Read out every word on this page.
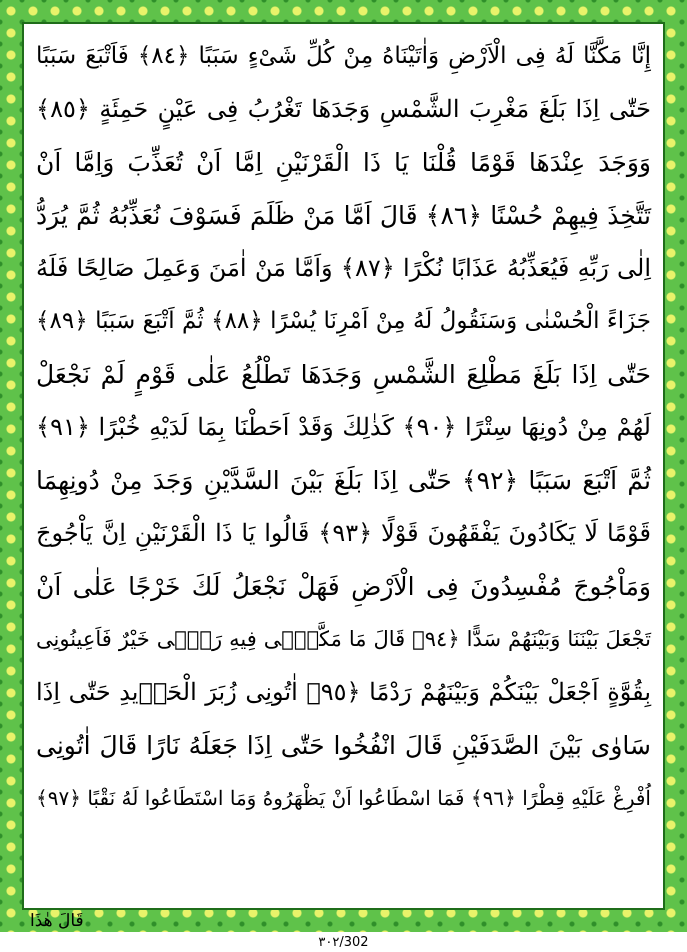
إِنَّا مَكَّنَّا لَهُ فِى الْاَرْضِ وَاٰتَيْنَاهُ مِنْ كُلِّ شَىْءٍ سَبَبًا ﴿٨٤﴾ فَاَتْبَعَ سَبَبًا
حَتّٰى اِذَا بَلَغَ مَغْرِبَ الشَّمْسِ وَجَدَهَا تَغْرُبُ فِى عَيْنٍ حَمِئَةٍ ﴿٨٥﴾
وَوَجَدَ عِنْدَهَا قَوْمًا قُلْنَا يَا ذَا الْقَرْنَيْنِ اِمَّا اَنْ تُعَذِّبَ وَاِمَّا اَنْ
تَتَّخِذَ فِيهِمْ حُسْنًا ﴿٨٦﴾ قَالَ اَمَّا مَنْ ظَلَمَ فَسَوْفَ نُعَذِّبُهُ ثُمَّ يُرَدُّ
اِلٰى رَبِّهِ فَيُعَذِّبُهُ عَذَابًا نُكْرًا ﴿٨٧﴾ وَاَمَّا مَنْ اٰمَنَ وَعَمِلَ صَالِحًا فَلَهُ
جَزَاءً الْحُسْنٰى وَسَنَقُولُ لَهُ مِنْ اَمْرِنَا يُسْرًا ﴿٨٨﴾ ثُمَّ اَتْبَعَ سَبَبًا ﴿٨٩﴾
حَتّٰى اِذَا بَلَغَ مَطْلِعَ الشَّمْسِ وَجَدَهَا تَطْلُعُ عَلٰى قَوْمٍ لَمْ نَجْعَلْ
لَهُمْ مِنْ دُونِهَا سِتْرًا ﴿٩٠﴾ كَذٰلِكَ وَقَدْ اَحَطْنَا بِمَا لَدَيْهِ خُبْرًا ﴿٩١﴾
ثُمَّ اَتْبَعَ سَبَبًا ﴿٩٢﴾ حَتّٰى اِذَا بَلَغَ بَيْنَ السَّدَّيْنِ وَجَدَ مِنْ دُونِهِمَا
قَوْمًا لَا يَكَادُونَ يَفْقَهُونَ قَوْلًا ﴿٩٣﴾ قَالُوا يَا ذَا الْقَرْنَيْنِ اِنَّ يَاْجُوجَ
وَمَاْجُوجَ مُفْسِدُونَ فِى الْاَرْضِ فَهَلْ نَجْعَلُ لَكَ خَرْجًا عَلٰى اَنْ
تَجْعَلَ بَيْنَنَا وَبَيْنَهُمْ سَدًّا ﴿٩٤﴾ قَالَ مَا مَكَّنّ۪ى فِيهِ رَبّ۪ى خَيْرٌ فَاَعِينُونِى
بِقُوَّةٍ اَجْعَلْ بَيْنَكُمْ وَبَيْنَهُمْ رَدْمًا ﴿٩٥﴾ اٰتُونِى زُبَرَ الْحَد۪يدِ حَتّٰى اِذَا
سَاوٰى بَيْنَ الصَّدَفَيْنِ قَالَ انْفُخُوا حَتّٰى اِذَا جَعَلَهُ نَارًا قَالَ اٰتُونِى
اُفْرِغْ عَلَيْهِ قِطْرًا ﴿٩٦﴾ فَمَا اسْطَاعُوا اَنْ يَظْهَرُوهُ وَمَا اسْتَطَاعُوا لَهُ نَقْبًا ﴿٩٧﴾
قَالَ هٰذَا
٣٠٢/302
